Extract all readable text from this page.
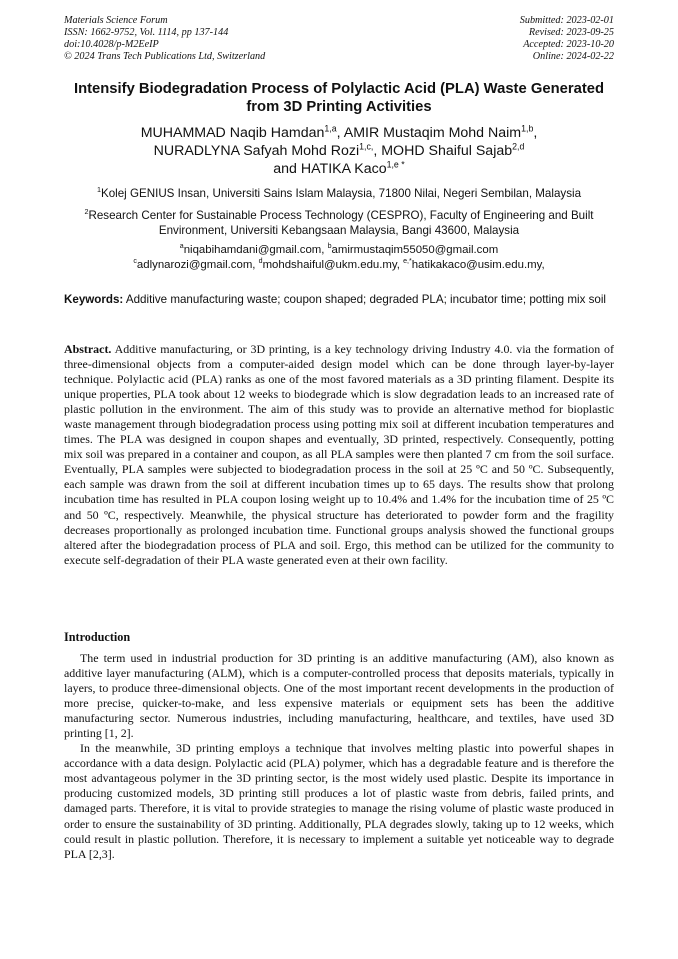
Materials Science Forum
ISSN: 1662-9752, Vol. 1114, pp 137-144
doi:10.4028/p-M2EeIP
© 2024 Trans Tech Publications Ltd, Switzerland
Submitted: 2023-02-01
Revised: 2023-09-25
Accepted: 2023-10-20
Online: 2024-02-22
Intensify Biodegradation Process of Polylactic Acid (PLA) Waste Generated from 3D Printing Activities
MUHAMMAD Naqib Hamdan$^{1,a}$, AMIR Mustaqim Mohd Naim$^{1,b}$,
NURADLYNA Safyah Mohd Rozi$^{1,c,}$, MOHD Shaiful Sajab$^{2,d}$
and HATIKA Kaco$^{1,e *}$
$^1$Kolej GENIUS Insan, Universiti Sains Islam Malaysia, 71800 Nilai, Negeri Sembilan, Malaysia
$^2$Research Center for Sustainable Process Technology (CESPRO), Faculty of Engineering and Built Environment, Universiti Kebangsaan Malaysia, Bangi 43600, Malaysia
$^a$niqabihamdani@gmail.com, $^b$amirmustaqim55050@gmail.com
$^c$adlynarozi@gmail.com, $^d$mohdshaiful@ukm.edu.my, $^{e,*}$hatikakaco@usim.edu.my,
Keywords: Additive manufacturing waste; coupon shaped; degraded PLA; incubator time; potting mix soil
Abstract. Additive manufacturing, or 3D printing, is a key technology driving Industry 4.0. via the formation of three-dimensional objects from a computer-aided design model which can be done through layer-by-layer technique. Polylactic acid (PLA) ranks as one of the most favored materials as a 3D printing filament. Despite its unique properties, PLA took about 12 weeks to biodegrade which is slow degradation leads to an increased rate of plastic pollution in the environment. The aim of this study was to provide an alternative method for bioplastic waste management through biodegradation process using potting mix soil at different incubation temperatures and times. The PLA was designed in coupon shapes and eventually, 3D printed, respectively. Consequently, potting mix soil was prepared in a container and coupon, as all PLA samples were then planted 7 cm from the soil surface. Eventually, PLA samples were subjected to biodegradation process in the soil at 25 ºC and 50 ºC. Subsequently, each sample was drawn from the soil at different incubation times up to 65 days. The results show that prolong incubation time has resulted in PLA coupon losing weight up to 10.4% and 1.4% for the incubation time of 25 ºC and 50 ºC, respectively. Meanwhile, the physical structure has deteriorated to powder form and the fragility decreases proportionally as prolonged incubation time. Functional groups analysis showed the functional groups altered after the biodegradation process of PLA and soil. Ergo, this method can be utilized for the community to execute self-degradation of their PLA waste generated even at their own facility.
Introduction

The term used in industrial production for 3D printing is an additive manufacturing (AM), also known as additive layer manufacturing (ALM), which is a computer-controlled process that deposits materials, typically in layers, to produce three-dimensional objects. One of the most important recent developments in the production of more precise, quicker-to-make, and less expensive materials or equipment sets has been the additive manufacturing sector. Numerous industries, including manufacturing, healthcare, and textiles, have used 3D printing [1, 2].

In the meanwhile, 3D printing employs a technique that involves melting plastic into powerful shapes in accordance with a data design. Polylactic acid (PLA) polymer, which has a degradable feature and is therefore the most advantageous polymer in the 3D printing sector, is the most widely used plastic. Despite its importance in producing customized models, 3D printing still produces a lot of plastic waste from debris, failed prints, and damaged parts. Therefore, it is vital to provide strategies to manage the rising volume of plastic waste produced in order to ensure the sustainability of 3D printing. Additionally, PLA degrades slowly, taking up to 12 weeks, which could result in plastic pollution. Therefore, it is necessary to implement a suitable yet noticeable way to degrade PLA [2,3].
